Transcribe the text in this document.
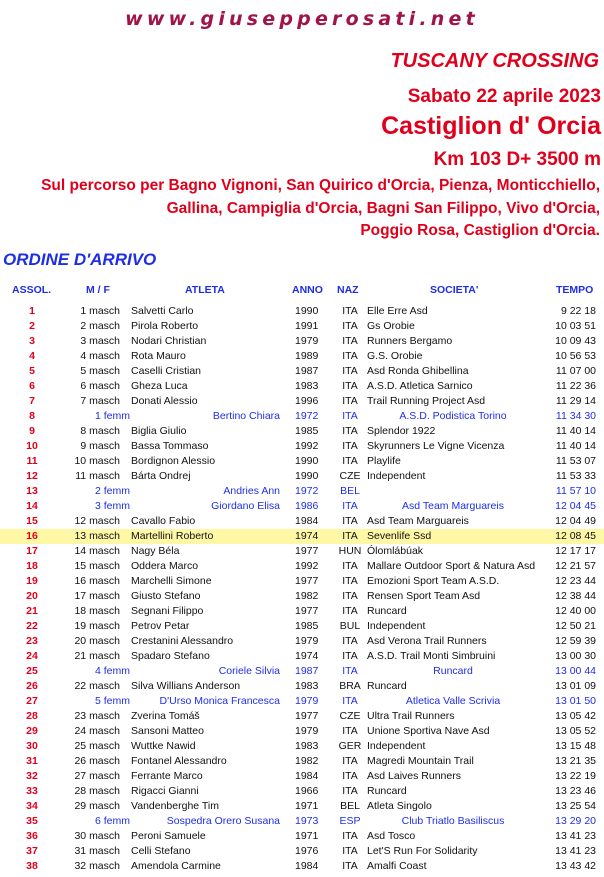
www.giusepperosati.net
TUSCANY CROSSING
Sabato 22 aprile 2023
Castiglion d' Orcia
Km 103 D+ 3500 m
Sul percorso per Bagno Vignoni, San Quirico d'Orcia, Pienza, Monticchiello,
Gallina, Campiglia d'Orcia, Bagni San Filippo, Vivo d'Orcia,
Poggio Rosa, Castiglion d'Orcia.
ORDINE D'ARRIVO
ASSOL.	M / F	ATLETA	ANNO NAZ	SOCIETA'	TEMPO
1	1 masch Salvetti Carlo	1990	ITA Elle Erre Asd	9 22 18
2	2 masch Pirola Roberto	1991	ITA Gs Orobie	10 03 51
3	3 masch Nodari Christian	1979	ITA Runners Bergamo	10 09 43
4	4 masch Rota Mauro	1989	ITA G.S. Orobie	10 56 53
5	5 masch Caselli Cristian	1987	ITA Asd Ronda Ghibellina	11 07 00
6	6 masch Gheza Luca	1983	ITA A.S.D. Atletica Sarnico	11 22 36
7	7 masch Donati Alessio	1996	ITA Trail Running Project Asd	11 29 14
8	1 femm	Bertino Chiara 1972	ITA	A.S.D. Podistica Torino	11 34 30
9	8 masch Biglia Giulio	1985	ITA Splendor 1922	11 40 14
10	9 masch Bassa Tommaso	1992	ITA Skyrunners Le Vigne Vicenza	11 40 14
11	10 masch Bordignon Alessio	1990	ITA Playlife	11 53 07
12	11 masch Bárta Ondrej	1990	CZE Independent	11 53 33
13	2 femm	Andries Ann 1972	BEL	11 57 10
14	3 femm	Giordano Elisa 1986	ITA	Asd Team Marguareis	12 04 45
15	12 masch Cavallo Fabio	1984	ITA Asd Team Marguareis	12 04 49
16	13 masch Martellini Roberto	1974	ITA Sevenlife Ssd	12 08 45
17	14 masch Nagy Béla	1977	HUN Ólomlábúak	12 17 17
18	15 masch Oddera Marco	1992	ITA Mallare Outdoor Sport & Natura Asd 12 21 57
19	16 masch Marchelli Simone	1977	ITA Emozioni Sport Team A.S.D.	12 23 44
20	17 masch Giusto Stefano	1982	ITA Rensen Sport Team Asd	12 38 44
21	18 masch Segnani Filippo	1977	ITA Runcard	12 40 00
22	19 masch Petrov Petar	1985	BUL Independent	12 50 21
23	20 masch Crestanini Alessandro	1979	ITA Asd Verona Trail Runners	12 59 39
24	21 masch Spadaro Stefano	1974	ITA A.S.D. Trail Monti Simbruini	13 00 30
25	4 femm	Coriele Silvia 1987	ITA	Runcard	13 00 44
26	22 masch Silva Willians Anderson	1983	BRA Runcard	13 01 09
27	5 femm	D'Urso Monica Francesca 1979	ITA	Atletica Valle Scrivia	13 01 50
28	23 masch Zverina Tomáš	1977	CZE Ultra Trail Runners	13 05 42
29	24 masch Sansoni Matteo	1979	ITA Unione Sportiva Nave Asd	13 05 52
30	25 masch Wuttke Nawid	1983	GER Independent	13 15 48
31	26 masch Fontanel Alessandro	1982	ITA Magredi Mountain Trail	13 21 35
32	27 masch Ferrante Marco	1984	ITA Asd Laives Runners	13 22 19
33	28 masch Rigacci Gianni	1966	ITA Runcard	13 23 46
34	29 masch Vandenberghe Tim	1971	BEL Atleta Singolo	13 25 54
35	6 femm	Sospedra Orero Susana 1973	ESP	Club Triatlo Basiliscus	13 29 20
36	30 masch Peroni Samuele	1971	ITA Asd Tosco	13 41 23
37	31 masch Celli Stefano	1976	ITA Let'S Run For Solidarity	13 41 23
38	32 masch Amendola Carmine	1984	ITA Amalfi Coast	13 43 42
